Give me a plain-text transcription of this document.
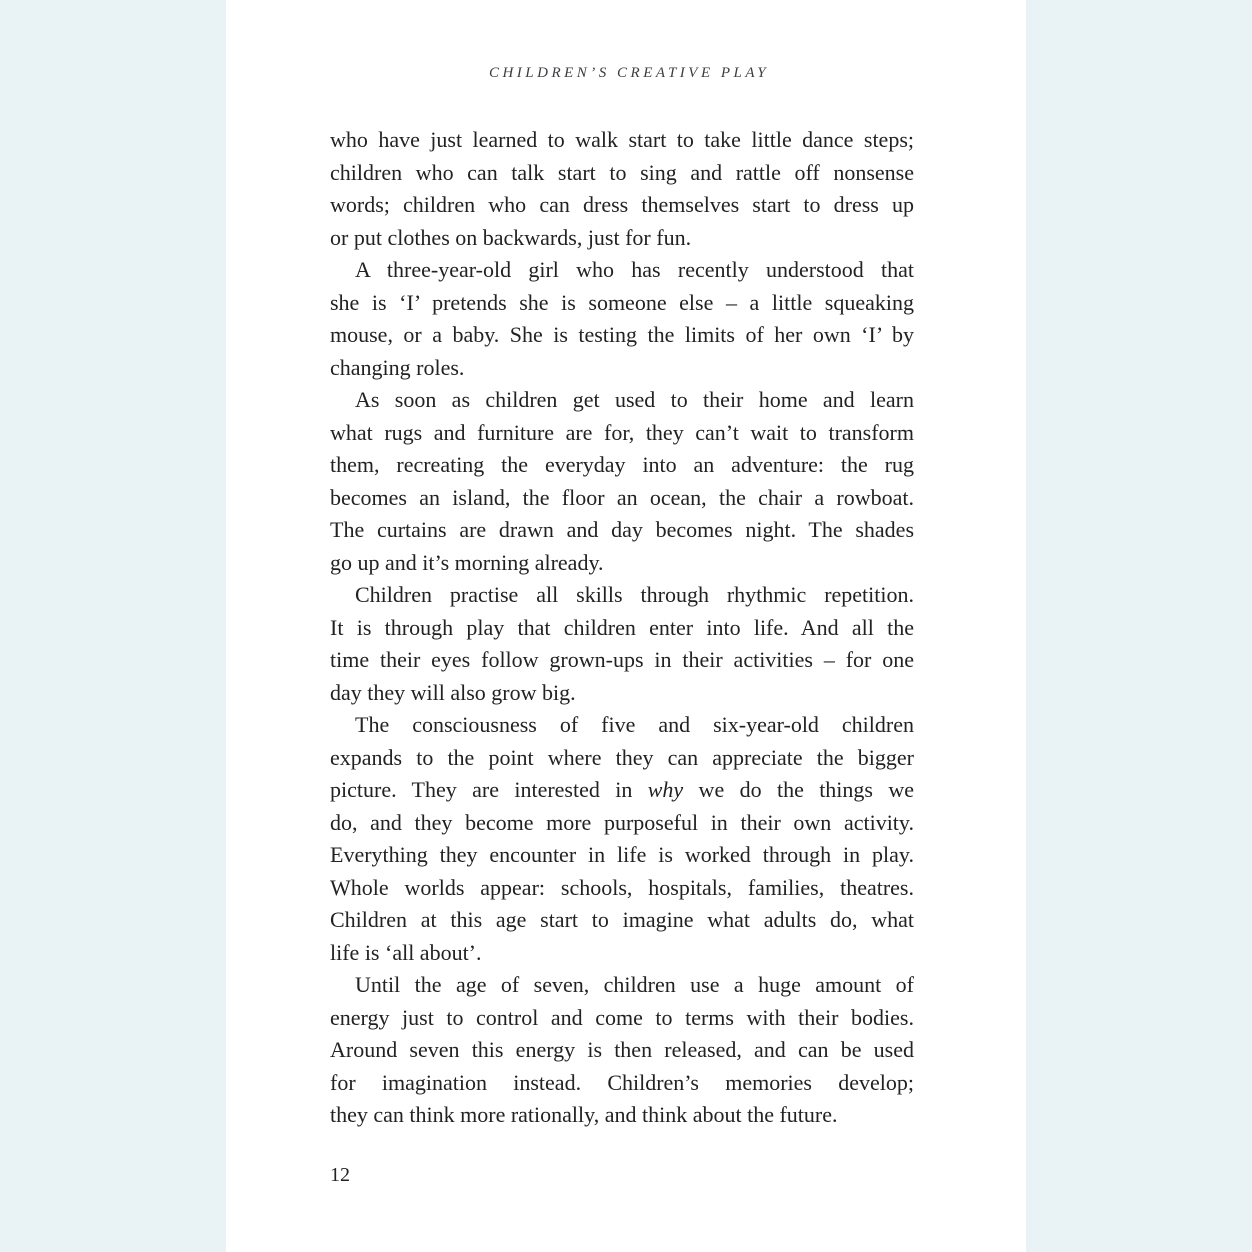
CHILDREN’S CREATIVE PLAY
who have just learned to walk start to take little dance steps;
children who can talk start to sing and rattle off nonsense
words; children who can dress themselves start to dress up
or put clothes on backwards, just for fun.
A three-year-old girl who has recently understood that
she is ‘I’ pretends she is someone else – a little squeaking
mouse, or a baby. She is testing the limits of her own ‘I’ by
changing roles.
As soon as children get used to their home and learn
what rugs and furniture are for, they can’t wait to transform
them, recreating the everyday into an adventure: the rug
becomes an island, the floor an ocean, the chair a rowboat.
The curtains are drawn and day becomes night. The shades
go up and it’s morning already.
Children practise all skills through rhythmic repetition.
It is through play that children enter into life. And all the
time their eyes follow grown-ups in their activities – for one
day they will also grow big.
The consciousness of five and six-year-old children
expands to the point where they can appreciate the bigger
picture. They are interested in why we do the things we
do, and they become more purposeful in their own activity.
Everything they encounter in life is worked through in play.
Whole worlds appear: schools, hospitals, families, theatres.
Children at this age start to imagine what adults do, what
life is ‘all about’.
Until the age of seven, children use a huge amount of
energy just to control and come to terms with their bodies.
Around seven this energy is then released, and can be used
for imagination instead. Children’s memories develop;
they can think more rationally, and think about the future.
12
